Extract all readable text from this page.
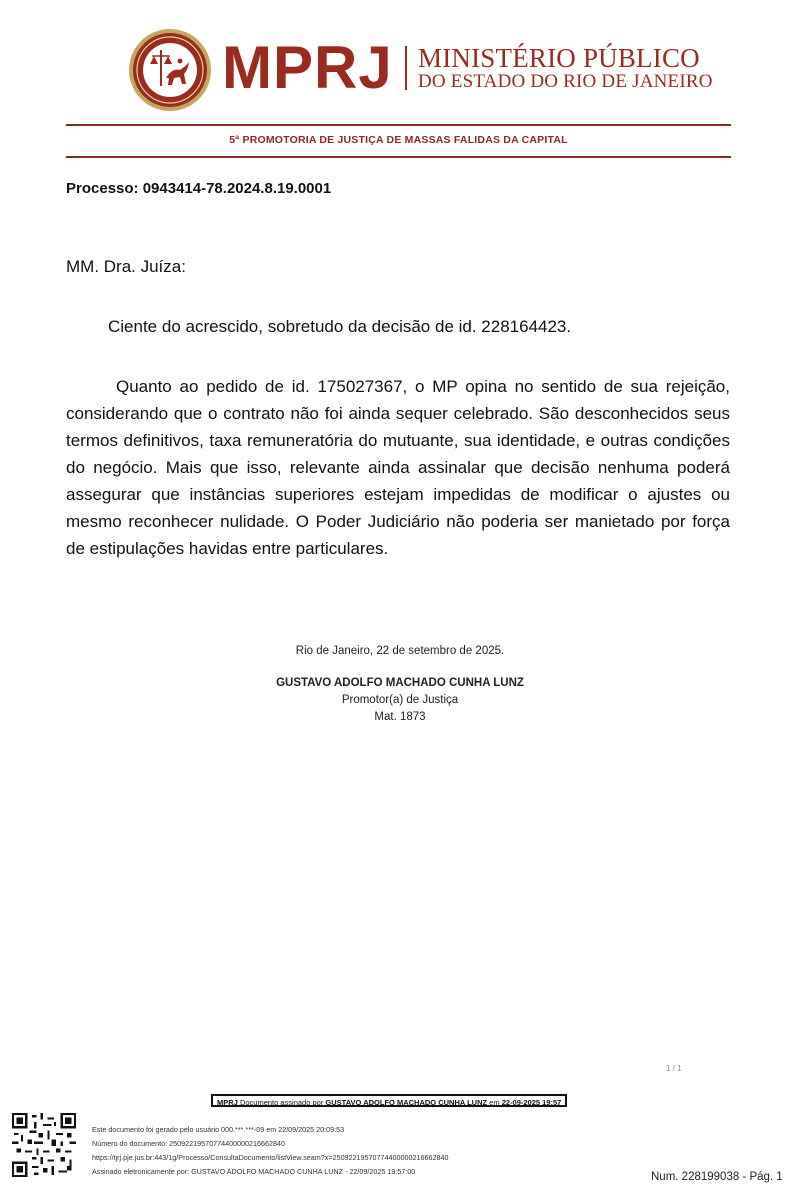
MPRJ MINISTÉRIO PÚBLICO
DO ESTADO DO RIO DE JANEIRO
5ª PROMOTORIA DE JUSTIÇA DE MASSAS FALIDAS DA CAPITAL
Processo: 0943414-78.2024.8.19.0001
MM. Dra. Juíza:
Ciente do acrescido, sobretudo da decisão de id. 228164423.

Quanto ao pedido de id. 175027367, o MP opina no sentido de sua rejeição, considerando que o contrato não foi ainda sequer celebrado. São desconhecidos seus termos definitivos, taxa remuneratória do mutuante, sua identidade, e outras condições do negócio. Mais que isso, relevante ainda assinalar que decisão nenhuma poderá assegurar que instâncias superiores estejam impedidas de modificar o ajustes ou mesmo reconhecer nulidade. O Poder Judiciário não poderia ser manietado por força de estipulações havidas entre particulares.

Rio de Janeiro, 22 de setembro de 2025.
GUSTAVO ADOLFO MACHADO CUNHA LUNZ
Promotor(a) de Justiça
Mat. 1873
1 / 1
MPRJ Documento assinado por GUSTAVO ADOLFO MACHADO CUNHA LUNZ em 22-09-2025 19:57
Este documento foi gerado pelo usuário 000.***.***-09 em 22/09/2025 20:09:53
Número do documento: 25092219570774400000216662840
https://tjrj.pje.jus.br:443/1g/Processo/ConsultaDocumento/listView.seam?x=25092219570774400000216662840
Assinado eletronicamente por: GUSTAVO ADOLFO MACHADO CUNHA LUNZ - 22/09/2025 19:57:00	Num. 228199038 - Pág. 1
